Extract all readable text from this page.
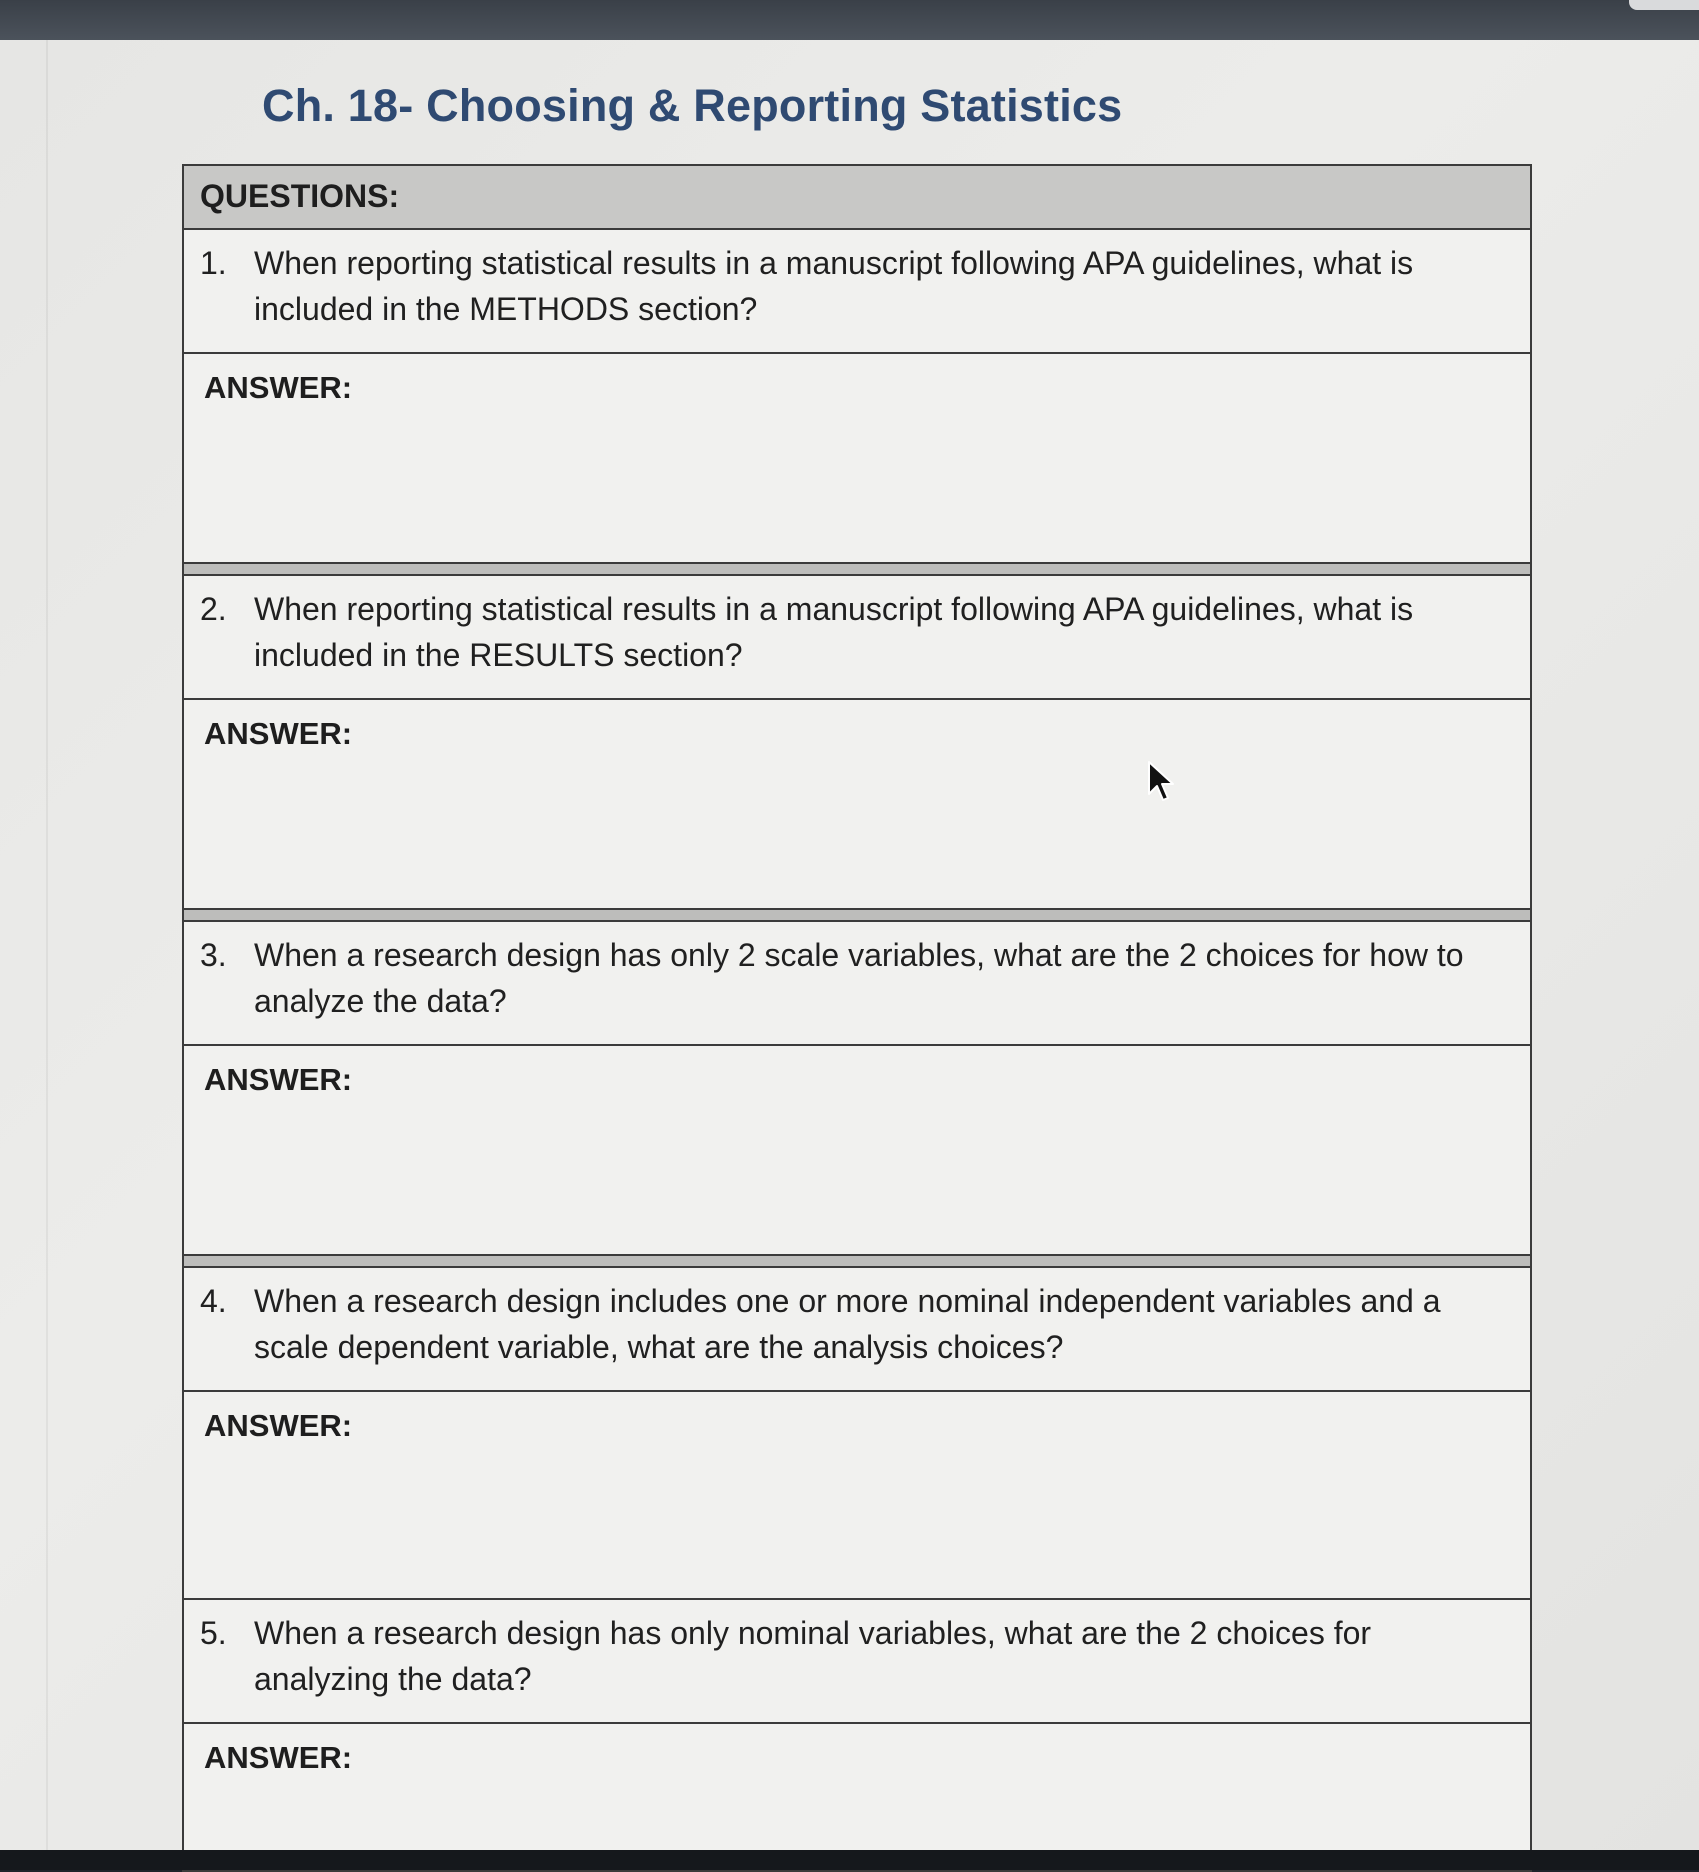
Ch. 18- Choosing & Reporting Statistics
QUESTIONS:
1. When reporting statistical results in a manuscript following APA guidelines, what is included in the METHODS section?
ANSWER:
2. When reporting statistical results in a manuscript following APA guidelines, what is included in the RESULTS section?
ANSWER:
3. When a research design has only 2 scale variables, what are the 2 choices for how to analyze the data?
ANSWER:
4. When a research design includes one or more nominal independent variables and a scale dependent variable, what are the analysis choices?
ANSWER:
5. When a research design has only nominal variables, what are the 2 choices for analyzing the data?
ANSWER:
